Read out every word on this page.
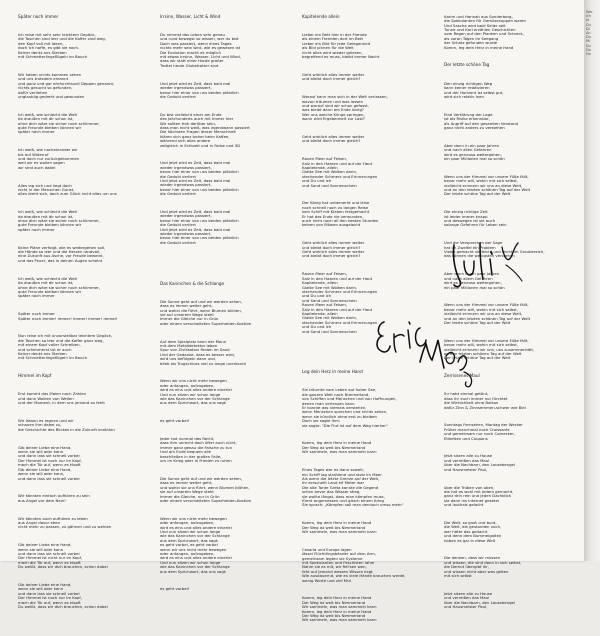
Später noch immer

Ich reise mit sehr sehr leichtem Gepäck,
die Taschen sind leer und die Koffer sind weg,
den Kopf voll mit Ideen,
doch ich hoffe, es gibt sie noch.
Keiner denkt ans Sterben
mit Schmetterlingsflügeln im Bauch

Wir haben nichts kommen sehen
und uns trotzdem erkannt
und ganz und gar ehrfurchtsvoll Deppen genannt,
nichts gesucht so gefunden,
dafür verliehen
unglaublig gedreht und gewunden

Ich weiß, wie schlecht die Welt
da draußen mit dir schon ist,
ohne dich wäre sie sicher noch schlimmer,
gute Freunde bleiben können wir
später noch immer

Ich weiß, wie nacheinander wir
bis auf Widerruf
und doch nur zurückgekommen
weil wir es wollen sagen
wir sind auch dabei

Alles lag sich und liegt doch
nicht in der Menschen Gunst,
alles dreht sich, doch zum Glück nicht alles um uns

Ich weiß, wie schlecht die Welt
da draußen mit dir schon ist,
ohne dich wäre sie sicher noch schlimmer,
gute Freunde bleiben können wir
später noch immer

Keine Pläne verfolgt, wie es weitergehen soll,
die Hände so leer und die Herzen randvoll,
eine Zukunft aus Asche, vor Freude beweint,
und das Feuer, das in deinen Augen scheint

Ich weiß, wie schlecht die Welt
da draußen mit dir schon ist,
ohne dich wäre sie sicher noch schlimmer,
gute Freunde bleiben können wir
später noch immer

Später noch immer
Später noch immer! immer! immer! immer! immer!

Nun reise ich mit unvorstellbar leichtem Gepäck,
die Taschen so leer und die Koffer ganz weg,
mit einem Kopf voller Schreiben,
und schimmerst tut er auch
Keiner denkt ans Sterben
mit Schmetterlingsflügeln im Bauch

Himmel im Kopf

Erst kommt das Malen nach Zahlen
und dann Wolken von Wellen
und der Moment, in dem uns jemand so fehlt

Wir lassen es regnen und wir
schauen ihm dabei zu,
die Geschichte des Blickes in die Zukunft erzählen

Gib deiner Liebe eine Hand,
wenn sie will oder kann
und dann lass sie schnell vorbei
Der Himmel ist noch nur im Kopf,
mach die Tür auf, wenn es klopft
Gib deiner Liebe eine Hand,
wenn sie will oder kann,
und dann lass sie schnell vorbei

Wir könnten einfach aufhören zu sein
aus Angst vor dem Nein!

Wir könnten auch aufhören zu leben
aus Angst davor eben
nicht mehr zu passen, zu gähnen und zu weinen

Gib deiner Liebe eine Hand,
wenn sie will oder kann
und dann lass sie schnell vorbei
Der Himmel ist nicht nur im Kopf,
mach die Tür auf, wenn es klopft
Du weißt, dass wir dich brauchen, schon dabei

Gib deiner Liebe eine Hand,
wenn sie will oder kann
und dann lass sie schnell vorbei
Der Himmel ist noch nur im Kopf,
mach die Tür auf, wenn es klopft
Du weißt, dass wir dich brauchen, schon dabei

Irrsinn, Wasser, Licht & Wind

Du nimmst das Leben sehr genau
und rund bewegst so wissen, wer du bist
Doch was passiert, wenn eines Tages
nichts mehr sein wird, wie es gewesen ist
Die Evolution macht es möglich
mit etwas Irrsinn, Wasser, Licht und Wind,
dass wir statt einer Horde großer
Trottel heute Glubetrotter sind

Und jetzt wird es Zeit, dass bald mal
wieder irgendwas passiert,
bevor hier einer von uns beiden plötzlich
die Geduld verliert

Du bist vielleicht einer am Ende
des Jahrhunderts auch mit immer hier
Wir sollten froh darüber sein,
dass man nicht weiß, was irgendwann passiert
Die höchsten Fragen dieser Menschheit
klären sich ganz locker beim Kaffee,
während sich alles andere
zeitgleich in Echtzeit und in Farbe und 3D

Und jetzt wird es Zeit, dass bald mal
wieder irgendwas passiert,
bevor hier einer von uns beiden plötzlich
die Geduld verliert
Und jetzt wird es Zeit, dass bald mal
wieder irgendwas passiert,
bevor hier einer von uns beiden plötzlich
die Geduld verliert

Und jetzt wird es Zeit, dass bald mal
wieder irgendwas passiert,
bevor hier einer von uns beiden plötzlich
die Geduld verliert
Und jetzt wird es Zeit, dass bald mal
wieder irgendwas passiert,
bevor hier einer von uns beiden plötzlich
die Geduld verliert

Das Kaninchen & die Schlange

Die Sonne geht auf und wir werden sehen,
dass es immer weiter geht,
und wohin die führt, wenn Blumen blühen,
sie auf unserem Wege steht
Immer die Gleiche nur in Grün
oder einem verschwitzten Superhelden-Kostüm

Auf dem Spielplatz kann der Mann
mit dem Metalldetektor leben
Spur von Zivilisation finden im Sand
Und der Gedanke, dass es besser wird,
wird uns beflügeln dann und,
blieb als Trugschluss viel zu lange unerkannt

Wenn wir uns nicht mehr bewegen
oder anfangen, aufzugeben,
wird es eins und alles andere einerlei
Und nun sitzen wir schon lange
wie das Kaninchen vor der Schlange
aus dem Sprichwort, das uns sagt:

es geht vorbei!

Jeder hat nunmal das Recht,
dass ihm unrecht doch öfter auch nicht,
immer ganz genau die Falsche zu tun
Und am Ende bequem alle
beschließen in der großen Falle,
um im Krieg oder in Frieden zu ruhen

Die Sonne geht auf und wir werden sehen,
dass es immer weiter geht,
und wohin sie uns führt, wenn Blumen blühen,
sie auf unserem Wege steht
Immer die Gleiche, nur in Grün
oder einem verschwitzten Superhelden-Kostüm

Wenn wir uns nicht mehr bewegen
oder anfangen, aufzugeben,
wird es eins und alles andere einerlei
Und nun sitzen wir schon lange
wie das Kaninchen vor der Schlange
aus dem Sprichwort, das sagt:
es geht vorbei, es geht vorbei
wenn wir uns nicht mehr bewegen
oder anfangen, aufzugeben,
wird es eins und alles andere einerlei
Und nun sitzen wir schon lange
wie das Kaninchen vor der Schlange
aus dem Sprichwort, das uns sagt:

es geht vorbei!

Kapitelende allein

Lieber ein Bett hier in der Fremde
als einem Fremden dort im Bett
Lieber ein Bild für jede Gelegenheit
als Bild pinnen für die Welt
nicht alles wird wieder gelesen,
begreifend es muss, bleibt immer Nacht

Geht wirklich alles immer weiter
und bleibt doch immer gleich?

Worauf kann man sich in der Welt verlassen,
wovon träumen und was lassen
und worauf sind wir schon gefasst,
was bleibt dann am Ende übrig?
Wer uns welche Klinge springen,
wann wird Ergebenheit zur Last?

Geht wirklich alles immer weiter
und bleibt doch immer gleich?

Rauen Meer auf Felsen,
Salz in den Haaren und auf der Haut
Kapitelende, allein
Glatte See mit Wolken darin,
stechender Schmerz und Erinnerungen
und Du und ich
und Sand und Sonnenschein

Der König hat unbemerkt und leise
noch schnell noch zu langen Reise
kein Schiff mit Kleben festgemacht
Er hat das Ende nie verwunden,
auch nicht noch all den besten Stunden
keinen von Möwen ausgelacht

Geht wirklich alles immer weiter
und bleibt doch immer gleich?
Geht wirklich alles immer weiter
und bleibt doch immer gleich?

Rauen Meer auf Felsen,
Salz in den Haaren und auf der Haut
Kapitelende, allein
Glatte See mit Wolken darin,
stechender Schmerz und Erinnerungen
und Du und ich
und Sand und Sonnenschein
Rauen Meer auf Felsen,
Salz in den Haaren und auf der Haut
Kapitelende, allein
Glatte See mit Wolken darin,
stechender Schmerz und Erinnerungen
und Du und ich
und Sand und Sonnenschein

Leg dein Herz in meine Hand

Sie träumte vom Leben auf hoher See,
die ganzen Welt nach Nimmerland,
von Schiffen und Menschen und von Hoffnungen,
denen man vertrauen kann
Er konnte das niemals verstehen,
wenn Menschen sprechen und nichts sehen,
wenn sie kündlich ohne erst zu bleiben
Doch sie sagte ihm:
sie sagte: "Die Flut ist auf dem Weg hierher"

Komm, leg dein Herz in meine Hand
Der Weg ist weit bis Nimmerland
Wir sammeln, was man sammeln kann

Eines Tages war es dann soweit,
ein Schiff lag strahlend und stolz im Meer
Als wenn die letzte Grenze auf der Welt,
ihr zerschellt Land elf Meter war
Die alte Tante Greta kannte die Gegend
schon bevor das Wasser stieg,
sie wollte längst, dass man kämpfen muss,
fürmt angemessen und gleich einem Krieg
Sie sprach: „Kämpfen soll man dennoch umso mehr"

Komm, leg dein Herz in meine Hand
Der Weg ist weit bis Nimmerland
Wir sammeln, was man sammeln kann

Casaria und Europa lagen
lässei Flüchtlingsbänder auf dem Arm,
gemeinsam legten sie Systeme
mit Spekulanten und Feschisten lahm
Nahm sie es mit, wir fiel'sen wen,
feht auf jemand wessen Wissen liegt
Wie ausdauernd, wie es viele Hände brauchen werde,
wenig Worte und viel Mut

Komm, leg dein Herz in meine Hand
Der Weg ist weit bis Nimmerland
Wir sammeln, was man sammeln kann
Komm, leg dein Herz in meine Hand
Der Weg ist weit bis Nimmerland
Wir sammeln, was man sammeln kann

Karim und Hannah aus Sonderborg,
die Spekulanten für Gemüsesuppen waren
Und Sascha wird bald Seiler seit
Tunne und Karl erzählen Geschichten
vom Regen auf den Planken und Schreck,
als voran Tagen im Seegang
der Schatz gefunden wurde
Komm, leg dein Herz in meine Hand

Der letzte schöne Tag

Den einzig richtigen Weg
kann keiner relativieren
und der Horizont ist selbst gut,
wird sich relativ inen

Eine Verklärung der Lage
ist als Risiko erkennbar,
als Angriff auf den gesamten Verstand
ganz nicht anders zu verstehen

Aber dann in ein paar Jahren
und nach allen Gefahren
wird es genauso weitergehen,
ein paar Millionen mal so schön

Wenn uns der Himmel vor unsere Füße fällt,
bevor mehr will, wohin mit sich selbst,
vielleicht erinnern wir uns an diese Welt,
und an den letzten schönen Tag auf der Welt
Der letzte schöne Tag auf der Welt

Die einzig richtige Zeit
ist leider immer knapp
und deswegen ist sie auch
solange Gefahren für Leben sein

Und die Versprechen der Sage
hat im Zweifel ein Problem
Vieles gemacht vielleicht und leicht im Graubereich,
das können die wenigsten verstehen

Aber dann in ein paar Jahren
und nach allem Gefahren
wird es genauso weitergehen,
ein paar Millionen mal so schön

Wenn uns der Himmel vor unsere Füße fällt,
bevor mehr will, wohin mit sich selbst,
vielleicht erinnern wir uns an diese Welt,
und an den letzten schönen Tag auf der Welt
Der letzte schöne Tag auf der Welt

Wenn uns der Himmel vor unsere Füße fällt,
bevor mehr will, wohin mit sich selbst,
vielleicht erinnern wir uns, uns zusammenhält,
an den letzten schönen Tag auf der Welt
Der letzte schöne Tag auf der Welt

Zerrissenes Maul

Ihr habt einmal getönt,
dass ihr euch immer nur fürchtet
die Wirklichkeit ohne Balkon
dafür Zinn & Zinnsemmen-schwer wie Blei

Sonntags Fernsehen, Montag der Wecker
Früher manchmal noch Croissants
und gemeinsam nur noch Camecker,
Etiketten und Coupons

Jetzt sitzen alle zu Hause
und verreißen das Maul
über die Nachbarn, den Lausebengel
und Hausmeister Paul,

über die Trüben von oben,
die hat es wohl mit jedem gemacht,
ganz drin rein und jeden Dachblick
sie dann ins Internet gesetzt
und lauthals gelacht

Die Welt, so groß und bunt,
die Welt, die gestanden noch,
wer hätte das gedacht
und denn dem Bummelgalten
haben es gar in diese Welt

Die denken, dass wir müssen
und wissen, die sind dann in sich selbst,
die Demut übergibt ihr,
und wissen nicht aber was gelten
mit sich selbst

Jetzt sitzen alle zu Hause
und verreißen das Maul
über die Nachbarn, den Lausebengel
und Hausmeister Paul,

Wer
Ich
Je
Du
Di
An
Da
Mi
Du
Da
Ha
